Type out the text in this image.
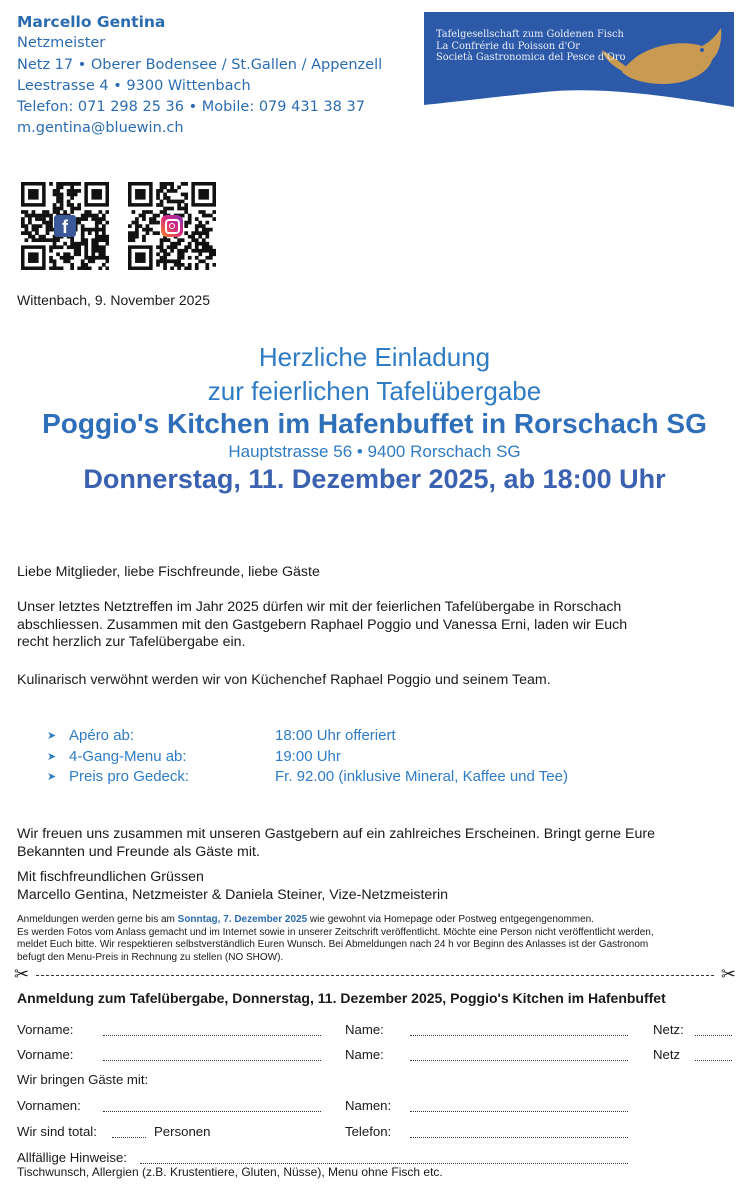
Marcello Gentina
Netzmeister
Netz 17 • Oberer Bodensee / St.Gallen / Appenzell
Leestrasse 4 • 9300 Wittenbach
Telefon: 071 298 25 36 • Mobile: 079 431 38 37
m.gentina@bluewin.ch
Tafelgesellschaft zum Goldenen Fisch
La Confrérie du Poisson d'Or
Società Gastronomica del Pesce d'Oro
f
Wittenbach, 9. November 2025
Herzliche Einladung
zur feierlichen Tafelübergabe
Poggio's Kitchen im Hafenbuffet in Rorschach SG
Hauptstrasse 56 • 9400 Rorschach SG
Donnerstag, 11. Dezember 2025, ab 18:00 Uhr
Liebe Mitglieder, liebe Fischfreunde, liebe Gäste
Unser letztes Netztreffen im Jahr 2025 dürfen wir mit der feierlichen Tafelübergabe in Rorschach
abschliessen. Zusammen mit den Gastgebern Raphael Poggio und Vanessa Erni, laden wir Euch
recht herzlich zur Tafelübergabe ein.
Kulinarisch verwöhnt werden wir von Küchenchef Raphael Poggio und seinem Team.
➤ Apéro ab:	18:00 Uhr offeriert
➤ 4-Gang-Menu ab:	19:00 Uhr
➤ Preis pro Gedeck:	Fr. 92.00 (inklusive Mineral, Kaffee und Tee)
Wir freuen uns zusammen mit unseren Gastgebern auf ein zahlreiches Erscheinen. Bringt gerne Eure
Bekannten und Freunde als Gäste mit.
Mit fischfreundlichen Grüssen
Marcello Gentina, Netzmeister & Daniela Steiner, Vize-Netzmeisterin
Anmeldungen werden gerne bis am Sonntag, 7. Dezember 2025 wie gewohnt via Homepage oder Postweg entgegengenommen.
Es werden Fotos vom Anlass gemacht und im Internet sowie in unserer Zeitschrift veröffentlicht. Möchte eine Person nicht veröffentlicht werden,
meldet Euch bitte. Wir respektieren selbstverständlich Euren Wunsch. Bei Abmeldungen nach 24 h vor Beginn des Anlasses ist der Gastronom
befugt den Menu-Preis in Rechnung zu stellen (NO SHOW).
✂	✂
Anmeldung zum Tafelübergabe, Donnerstag, 11. Dezember 2025, Poggio's Kitchen im Hafenbuffet
Vorname:	Name:	Netz:
Vorname:	Name:	Netz
Wir bringen Gäste mit:
Vornamen:	Namen:
Wir sind total:	Personen	Telefon:
Allfällige Hinweise:
Tischwunsch, Allergien (z.B. Krustentiere, Gluten, Nüsse), Menu ohne Fisch etc.
